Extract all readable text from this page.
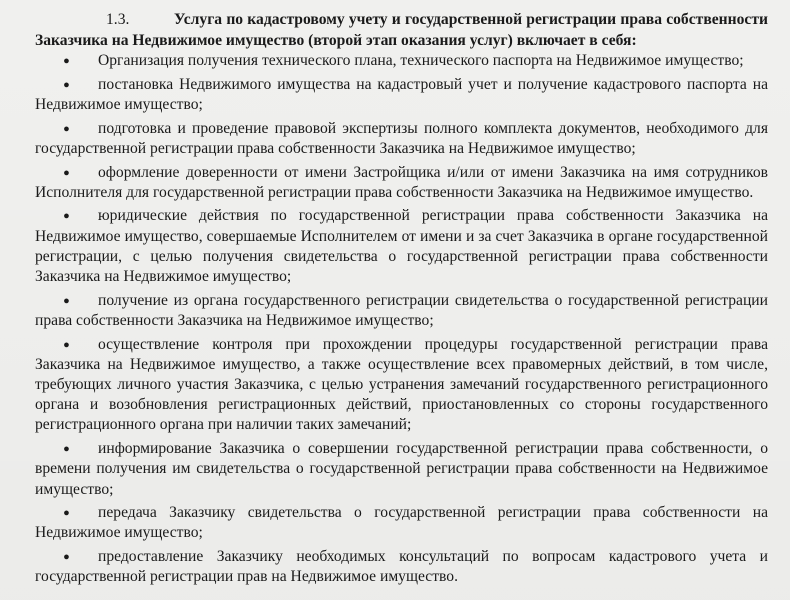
1.3.	Услуга по кадастровому учету и государственной регистрации права собственности Заказчика на Недвижимое имущество (второй этап оказания услуг) включает в себя:

● Организация получения технического плана, технического паспорта на Недвижимое имущество;
● постановка Недвижимого имущества на кадастровый учет и получение кадастрового паспорта на Недвижимое имущество;
● подготовка и проведение правовой экспертизы полного комплекта документов, необходимого для государственной регистрации права собственности Заказчика на Недвижимое имущество;
● оформление доверенности от имени Застройщика и/или от имени Заказчика на имя сотрудников Исполнителя для государственной регистрации права собственности Заказчика на Недвижимое имущество.
● юридические действия по государственной регистрации права собственности Заказчика на Недвижимое имущество, совершаемые Исполнителем от имени и за счет Заказчика в органе государственной регистрации, с целью получения свидетельства о государственной регистрации права собственности Заказчика на Недвижимое имущество;
● получение из органа государственного регистрации свидетельства о государственной регистрации права собственности Заказчика на Недвижимое имущество;
● осуществление контроля при прохождении процедуры государственной регистрации права Заказчика на Недвижимое имущество, а также осуществление всех правомерных действий, в том числе, требующих личного участия Заказчика, с целью устранения замечаний государственного регистрационного органа и возобновления регистрационных действий, приостановленных со стороны государственного регистрационного органа при наличии таких замечаний;
● информирование Заказчика о совершении государственной регистрации права собственности, о времени получения им свидетельства о государственной регистрации права собственности на Недвижимое имущество;
● передача Заказчику свидетельства о государственной регистрации права собственности на Недвижимое имущество;
● предоставление Заказчику необходимых консультаций по вопросам кадастрового учета и государственной регистрации прав на Недвижимое имущество.
